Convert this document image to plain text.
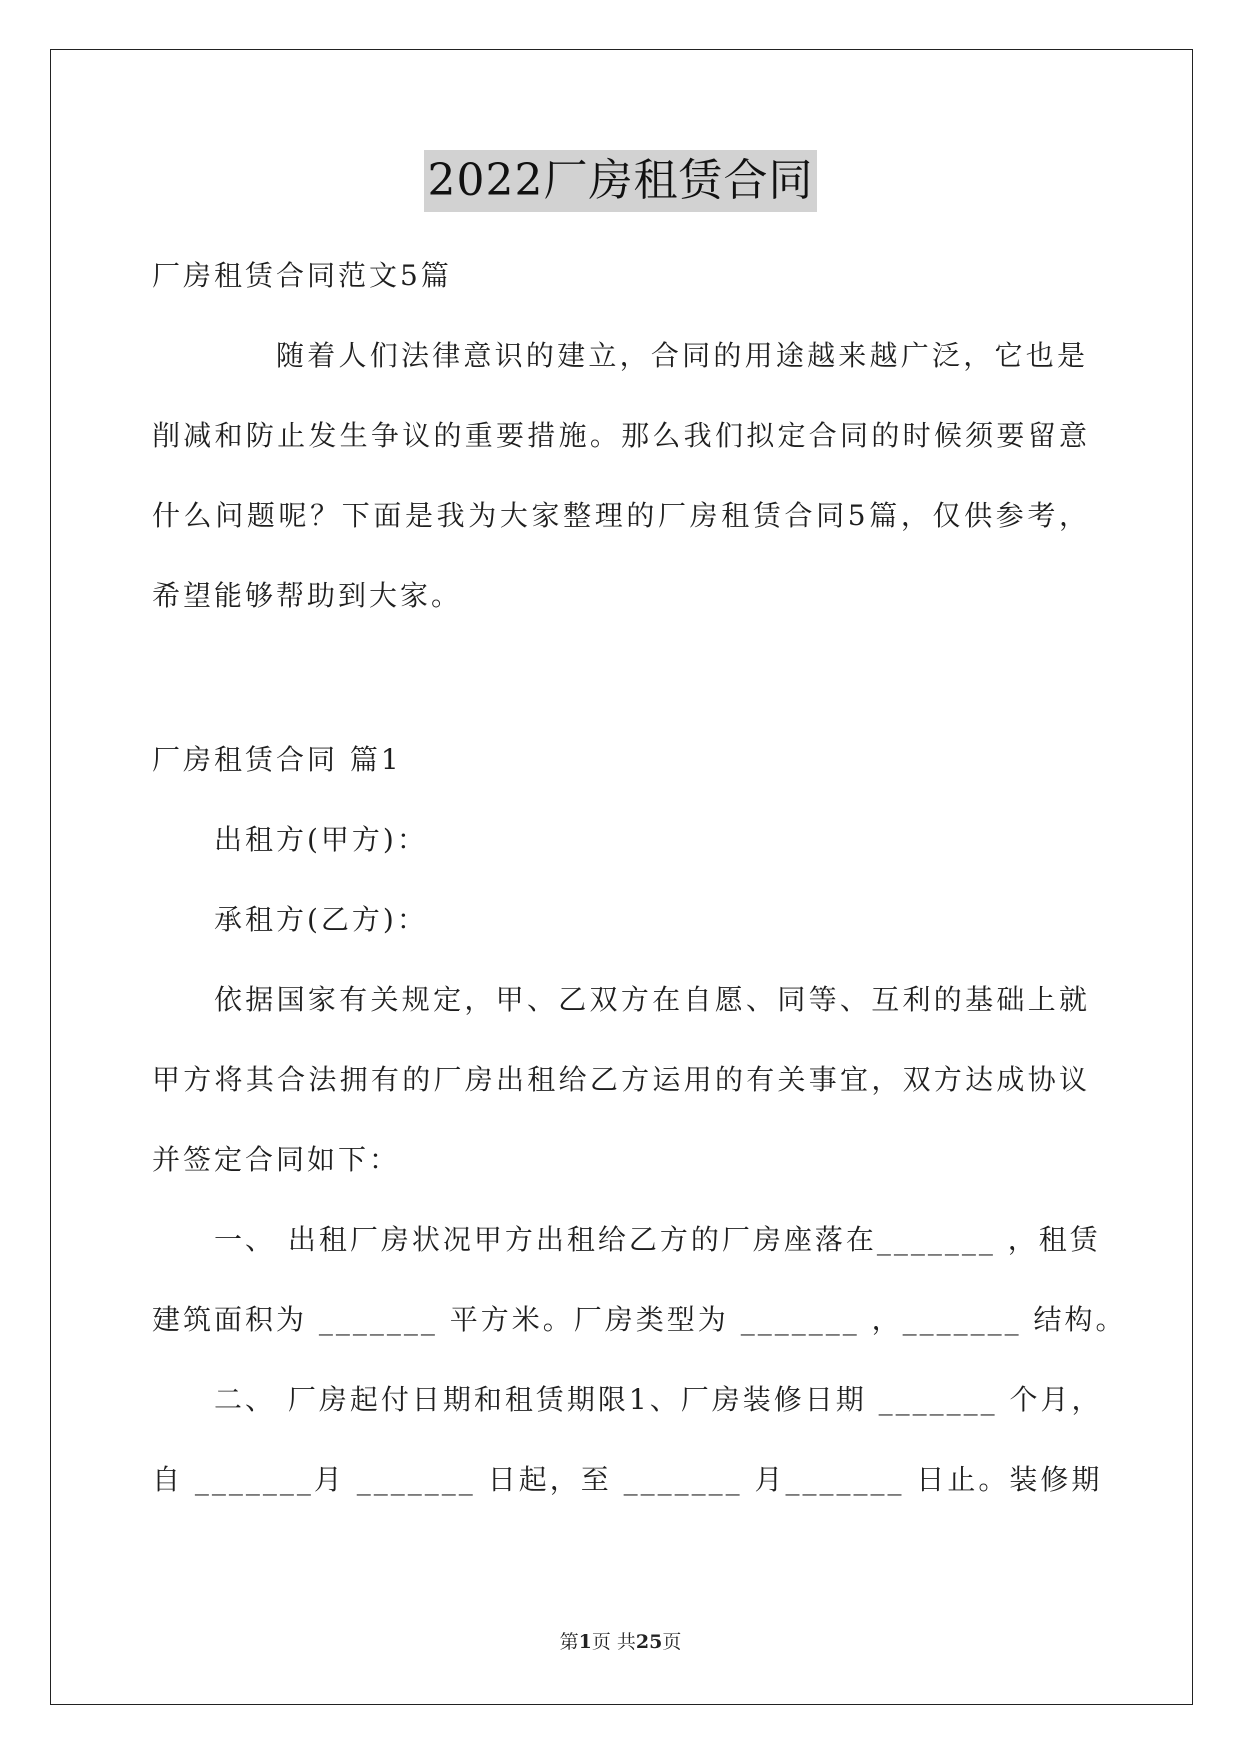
2022厂房租赁合同
厂房租赁合同范文5篇
随着人们法律意识的建立，合同的用途越来越广泛，它也是
削减和防止发生争议的重要措施。那么我们拟定合同的时候须要留意
什么问题呢？下面是我为大家整理的厂房租赁合同5篇，仅供参考，
希望能够帮助到大家。
厂房租赁合同 篇1
出租方(甲方)：
承租方(乙方)：
依据国家有关规定，甲、乙双方在自愿、同等、互利的基础上就
甲方将其合法拥有的厂房出租给乙方运用的有关事宜，双方达成协议
并签定合同如下：
一、 出租厂房状况甲方出租给乙方的厂房座落在_______ ，租赁
建筑面积为 _______ 平方米。厂房类型为 _______ ，_______ 结构。
二、 厂房起付日期和租赁期限1、厂房装修日期 _______ 个月，
自 _______月 _______ 日起，至 _______ 月_______ 日止。装修期
第1页 共25页
